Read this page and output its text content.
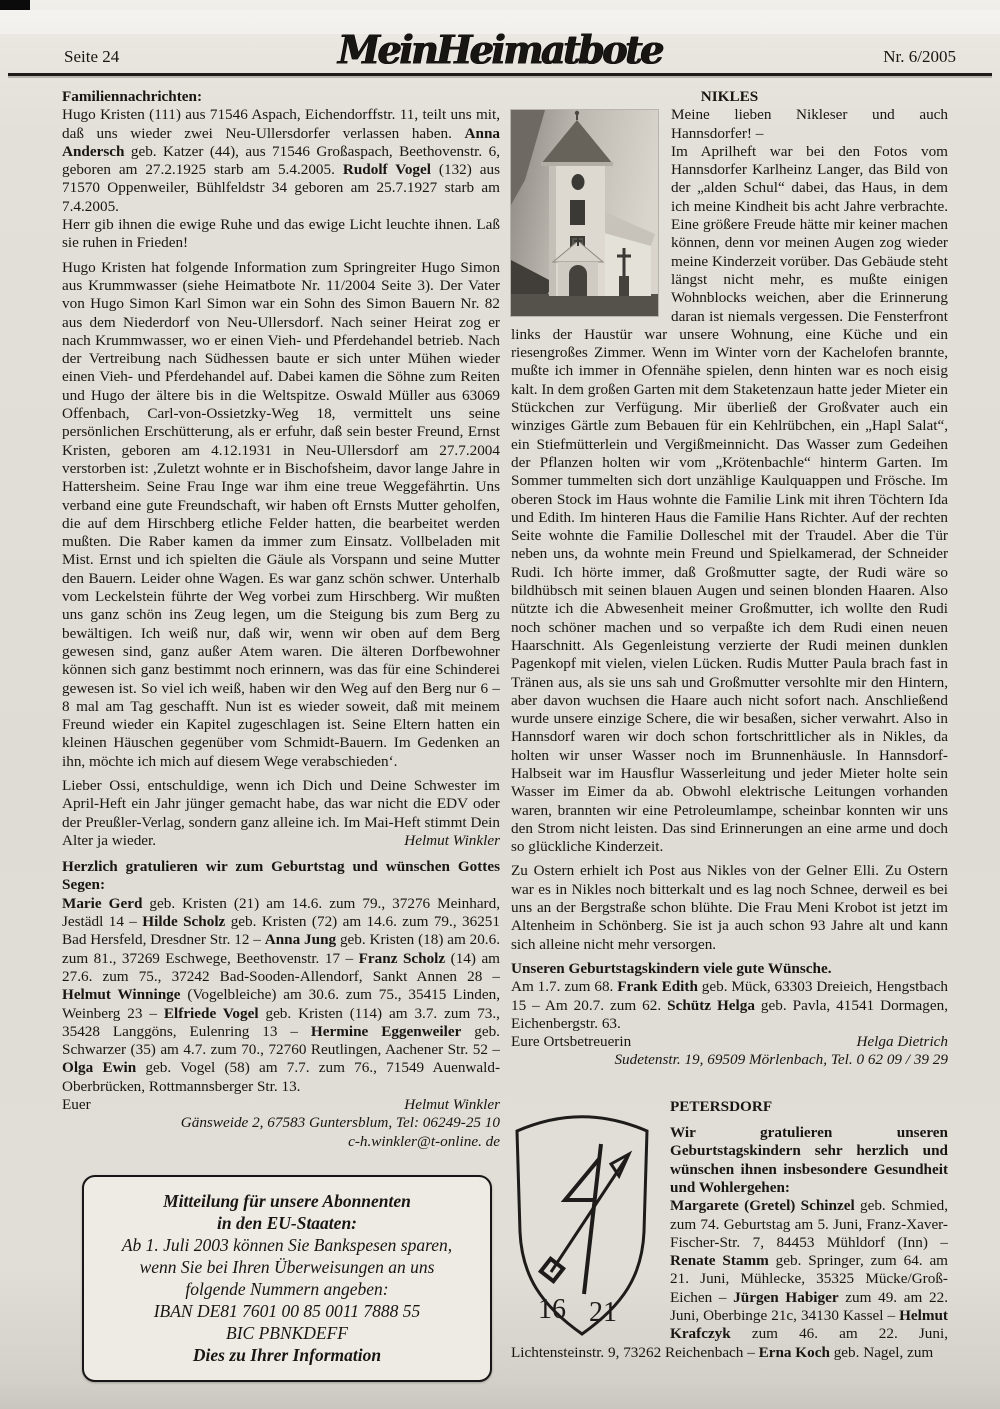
Seite 24	MeinHeimatbote	Nr. 6/2005

Familiennachrichten:

Hugo Kristen (111) aus 71546 Aspach, Eichendorffstr. 11, teilt uns mit, daß uns wieder zwei Neu-Ullersdorfer verlassen haben. Anna Andersch geb. Katzer (44), aus 71546 Großaspach, Beethovenstr. 6, geboren am 27.2.1925 starb am 5.4.2005. Rudolf Vogel (132) aus 71570 Oppenweiler, Bühlfeldstr 34 geboren am 25.7.1927 starb am 7.4.2005.

Herr gib ihnen die ewige Ruhe und das ewige Licht leuchte ihnen. Laß sie ruhen in Frieden!

Hugo Kristen hat folgende Information zum Springreiter Hugo Simon aus Krummwasser (siehe Heimatbote Nr. 11/2004 Seite 3). Der Vater von Hugo Simon Karl Simon war ein Sohn des Simon Bauern Nr. 82 aus dem Niederdorf von Neu-Ullersdorf. Nach seiner Heirat zog er nach Krummwasser, wo er einen Vieh- und Pferdehandel betrieb. Nach der Vertreibung nach Südhessen baute er sich unter Mühen wieder einen Vieh- und Pferdehandel auf. Dabei kamen die Söhne zum Reiten und Hugo der ältere bis in die Weltspitze. Oswald Müller aus 63069 Offenbach, Carl-von-Ossietzky-Weg 18, vermittelt uns seine persönlichen Erschütterung, als er erfuhr, daß sein bester Freund, Ernst Kristen, geboren am 4.12.1931 in Neu-Ullersdorf am 27.7.2004 verstorben ist: ,Zuletzt wohnte er in Bischofsheim, davor lange Jahre in Hattersheim. Seine Frau Inge war ihm eine treue Weggefährtin. Uns verband eine gute Freundschaft, wir haben oft Ernsts Mutter geholfen, die auf dem Hirschberg etliche Felder hatten, die bearbeitet werden mußten. Die Raber kamen da immer zum Einsatz. Vollbeladen mit Mist. Ernst und ich spielten die Gäule als Vorspann und seine Mutter den Bauern. Leider ohne Wagen. Es war ganz schön schwer. Unterhalb vom Leckelstein führte der Weg vorbei zum Hirschberg. Wir mußten uns ganz schön ins Zeug legen, um die Steigung bis zum Berg zu bewältigen. Ich weiß nur, daß wir, wenn wir oben auf dem Berg gewesen sind, ganz außer Atem waren. Die älteren Dorfbewohner können sich ganz bestimmt noch erinnern, was das für eine Schinderei gewesen ist. So viel ich weiß, haben wir den Weg auf den Berg nur 6 – 8 mal am Tag geschafft. Nun ist es wieder soweit, daß mit meinem Freund wieder ein Kapitel zugeschlagen ist. Seine Eltern hatten ein kleinen Häuschen gegenüber vom Schmidt-Bauern. Im Gedenken an ihn, möchte ich mich auf diesem Wege verabschieden‘.

Lieber Ossi, entschuldige, wenn ich Dich und Deine Schwester im April-Heft ein Jahr jünger gemacht habe, das war nicht die EDV oder der Preußler-Verlag, sondern ganz alleine ich. Im Mai-Heft stimmt Dein Alter ja wieder.	Helmut Winkler

Herzlich gratulieren wir zum Geburtstag und wünschen Gottes Segen:

Marie Gerd geb. Kristen (21) am 14.6. zum 79., 37276 Meinhard, Jestädl 14 – Hilde Scholz geb. Kristen (72) am 14.6. zum 79., 36251 Bad Hersfeld, Dresdner Str. 12 – Anna Jung geb. Kristen (18) am 20.6. zum 81., 37269 Eschwege, Beethovenstr. 17 – Franz Scholz (14) am 27.6. zum 75., 37242 Bad-Sooden-Allendorf, Sankt Annen 28 – Helmut Winninge (Vogelbleiche) am 30.6. zum 75., 35415 Linden, Weinberg 23 – Elfriede Vogel geb. Kristen (114) am 3.7. zum 73., 35428 Langgöns, Eulenring 13 – Hermine Eggenweiler geb. Schwarzer (35) am 4.7. zum 70., 72760 Reutlingen, Aachener Str. 52 – Olga Ewin geb. Vogel (58) am 7.7. zum 76., 71549 Auenwald-Oberbrücken, Rottmannsberger Str. 13.

Euer	Helmut Winkler
Gänsweide 2, 67583 Guntersblum, Tel: 06249-25 10
c-h.winkler@t-online. de
Mitteilung für unsere Abonnenten
in den EU-Staaten:
Ab 1. Juli 2003 können Sie Bankspesen sparen,
wenn Sie bei Ihren Überweisungen an uns
folgende Nummern angeben:
IBAN DE81 7601 00 85 0011 7888 55
BIC PBNKDEFF
Dies zu Ihrer Information

NIKLES

Meine lieben Nikleser und auch Hannsdorfer! –

Im Aprilheft war bei den Fotos vom Hannsdorfer Karlheinz Langer, das Bild von der „alden Schul“ dabei, das Haus, in dem ich meine Kindheit bis acht Jahre verbrachte. Eine größere Freude hätte mir keiner machen können, denn vor meinen Augen zog wieder meine Kinderzeit vorüber. Das Gebäude steht längst nicht mehr, es mußte einigen Wohnblocks weichen, aber die Erinnerung daran ist niemals vergessen. Die Fensterfront links der Haustür war unsere Wohnung, eine Küche und ein riesengroßes Zimmer. Wenn im Winter vorn der Kachelofen brannte, mußte ich immer in Ofennähe spielen, denn hinten war es noch eisig kalt. In dem großen Garten mit dem Staketenzaun hatte jeder Mieter ein Stückchen zur Verfügung. Mir überließ der Großvater auch ein winziges Gärtle zum Bebauen für ein Kehlrübchen, ein „Hapl Salat“, ein Stiefmütterlein und Vergißmeinnicht. Das Wasser zum Gedeihen der Pflanzen holten wir vom „Krötenbachle“ hinterm Garten. Im Sommer tummelten sich dort unzählige Kaulquappen und Frösche. Im oberen Stock im Haus wohnte die Familie Link mit ihren Töchtern Ida und Edith. Im hinteren Haus die Familie Hans Richter. Auf der rechten Seite wohnte die Familie Dolleschel mit der Traudel. Aber die Tür neben uns, da wohnte mein Freund und Spielkamerad, der Schneider Rudi. Ich hörte immer, daß Großmutter sagte, der Rudi wäre so bildhübsch mit seinen blauen Augen und seinen blonden Haaren. Also nützte ich die Abwesenheit meiner Großmutter, ich wollte den Rudi noch schöner machen und so verpaßte ich dem Rudi einen neuen Haarschnitt. Als Gegenleistung verzierte der Rudi meinen dunklen Pagenkopf mit vielen, vielen Lücken. Rudis Mutter Paula brach fast in Tränen aus, als sie uns sah und Großmutter versohlte mir den Hintern, aber davon wuchsen die Haare auch nicht sofort nach. Anschließend wurde unsere einzige Schere, die wir besaßen, sicher verwahrt. Also in Hannsdorf waren wir doch schon fortschrittlicher als in Nikles, da holten wir unser Wasser noch im Brunnenhäusle. In Hannsdorf-Halbseit war im Hausflur Wasserleitung und jeder Mieter holte sein Wasser im Eimer da ab. Obwohl elektrische Leitungen vorhanden waren, brannten wir eine Petroleumlampe, scheinbar konnten wir uns den Strom nicht leisten. Das sind Erinnerungen an eine arme und doch so glückliche Kinderzeit.

Zu Ostern erhielt ich Post aus Nikles von der Gelner Elli. Zu Ostern war es in Nikles noch bitterkalt und es lag noch Schnee, derweil es bei uns an der Bergstraße schon blühte. Die Frau Meni Krobot ist jetzt im Altenheim in Schönberg. Sie ist ja auch schon 93 Jahre alt und kann sich alleine nicht mehr versorgen.

Unseren Geburtstagskindern viele gute Wünsche.

Am 1.7. zum 68. Frank Edith geb. Mück, 63303 Dreieich, Hengstbach 15 – Am 20.7. zum 62. Schütz Helga geb. Pavla, 41541 Dormagen, Eichenbergstr. 63.

Eure Ortsbetreuerin	Helga Dietrich
Sudetenstr. 19, 69509 Mörlenbach, Tel. 0 62 09 / 39 29
16 21

PETERSDORF

Wir gratulieren unseren Geburtstagskindern sehr herzlich und wünschen ihnen insbesondere Gesundheit und Wohlergehen:

Margarete (Gretel) Schinzel geb. Schmied, zum 74. Geburtstag am 5. Juni, Franz-Xaver-Fischer-Str. 7, 84453 Mühldorf (Inn) – Renate Stamm geb. Springer, zum 64. am 21. Juni, Mühlecke, 35325 Mücke/Groß-Eichen – Jürgen Habiger zum 49. am 22. Juni, Oberbinge 21c, 34130 Kassel – Helmut Krafczyk zum 46. am 22. Juni, Lichtensteinstr. 9, 73262 Reichenbach – Erna Koch geb. Nagel, zum
